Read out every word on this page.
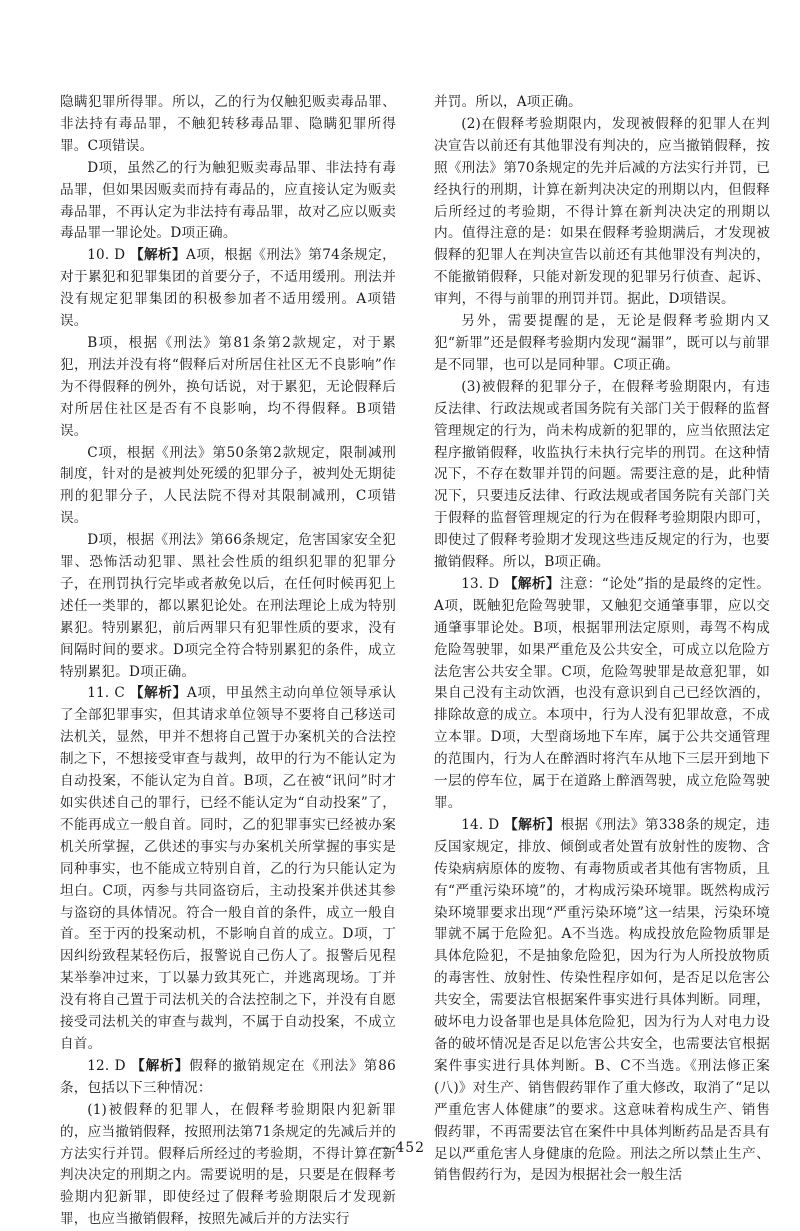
隐瞒犯罪所得罪。所以，乙的行为仅触犯贩卖毒品罪、非法持有毒品罪，不触犯转移毒品罪、隐瞒犯罪所得罪。C项错误。

D项，虽然乙的行为触犯贩卖毒品罪、非法持有毒品罪，但如果因贩卖而持有毒品的，应直接认定为贩卖毒品罪，不再认定为非法持有毒品罪，故对乙应以贩卖毒品罪一罪论处。D项正确。

10. D 【解析】A项，根据《刑法》第74条规定，对于累犯和犯罪集团的首要分子，不适用缓刑。刑法并没有规定犯罪集团的积极参加者不适用缓刑。A项错误。

B项，根据《刑法》第81条第2款规定，对于累犯，刑法并没有将“假释后对所居住社区无不良影响”作为不得假释的例外，换句话说，对于累犯，无论假释后对所居住社区是否有不良影响，均不得假释。B项错误。

C项，根据《刑法》第50条第2款规定，限制减刑制度，针对的是被判处死缓的犯罪分子，被判处无期徒刑的犯罪分子，人民法院不得对其限制减刑，C项错误。

D项，根据《刑法》第66条规定，危害国家安全犯罪、恐怖活动犯罪、黑社会性质的组织犯罪的犯罪分子，在刑罚执行完毕或者赦免以后，在任何时候再犯上述任一类罪的，都以累犯论处。在刑法理论上成为特别累犯。特别累犯，前后两罪只有犯罪性质的要求，没有间隔时间的要求。D项完全符合特别累犯的条件，成立特别累犯。D项正确。

11. C 【解析】A项，甲虽然主动向单位领导承认了全部犯罪事实，但其请求单位领导不要将自己移送司法机关，显然，甲并不想将自己置于办案机关的合法控制之下，不想接受审查与裁判，故甲的行为不能认定为自动投案，不能认定为自首。B项，乙在被“讯问”时才如实供述自己的罪行，已经不能认定为“自动投案”了，不能再成立一般自首。同时，乙的犯罪事实已经被办案机关所掌握，乙供述的事实与办案机关所掌握的事实是同种事实，也不能成立特别自首，乙的行为只能认定为坦白。C项，丙参与共同盗窃后，主动投案并供述其参与盗窃的具体情况。符合一般自首的条件，成立一般自首。至于丙的投案动机，不影响自首的成立。D项，丁因纠纷致程某轻伤后，报警说自己伤人了。报警后见程某举拳冲过来，丁以暴力致其死亡，并逃离现场。丁并没有将自己置于司法机关的合法控制之下，并没有自愿接受司法机关的审查与裁判，不属于自动投案，不成立自首。

12. D 【解析】假释的撤销规定在《刑法》第86条，包括以下三种情况：

(1)被假释的犯罪人，在假释考验期限内犯新罪的，应当撤销假释，按照刑法第71条规定的先减后并的方法实行并罚。假释后所经过的考验期，不得计算在新判决决定的刑期之内。需要说明的是，只要是在假释考验期内犯新罪，即使经过了假释考验期限后才发现新罪，也应当撤销假释，按照先减后并的方法实行

并罚。所以，A项正确。

(2)在假释考验期限内，发现被假释的犯罪人在判决宣告以前还有其他罪没有判决的，应当撤销假释，按照《刑法》第70条规定的先并后减的方法实行并罚，已经执行的刑期，计算在新判决决定的刑期以内，但假释后所经过的考验期，不得计算在新判决决定的刑期以内。值得注意的是：如果在假释考验期满后，才发现被假释的犯罪人在判决宣告以前还有其他罪没有判决的，不能撤销假释，只能对新发现的犯罪另行侦查、起诉、审判，不得与前罪的刑罚并罚。据此，D项错误。

另外，需要提醒的是，无论是假释考验期内又犯“新罪”还是假释考验期内发现“漏罪”，既可以与前罪是不同罪，也可以是同种罪。C项正确。

(3)被假释的犯罪分子，在假释考验期限内，有违反法律、行政法规或者国务院有关部门关于假释的监督管理规定的行为，尚未构成新的犯罪的，应当依照法定程序撤销假释，收监执行未执行完毕的刑罚。在这种情况下，不存在数罪并罚的问题。需要注意的是，此种情况下，只要违反法律、行政法规或者国务院有关部门关于假释的监督管理规定的行为在假释考验期限内即可，即使过了假释考验期才发现这些违反规定的行为，也要撤销假释。所以，B项正确。

13. D 【解析】注意：“论处”指的是最终的定性。A项，既触犯危险驾驶罪，又触犯交通肇事罪，应以交通肇事罪论处。B项，根据罪刑法定原则，毒驾不构成危险驾驶罪，如果严重危及公共安全，可成立以危险方法危害公共安全罪。C项，危险驾驶罪是故意犯罪，如果自己没有主动饮酒，也没有意识到自己已经饮酒的，排除故意的成立。本项中，行为人没有犯罪故意，不成立本罪。D项，大型商场地下车库，属于公共交通管理的范围内，行为人在醉酒时将汽车从地下三层开到地下一层的停车位，属于在道路上醉酒驾驶，成立危险驾驶罪。

14. D 【解析】根据《刑法》第338条的规定，违反国家规定，排放、倾倒或者处置有放射性的废物、含传染病病原体的废物、有毒物质或者其他有害物质，且有“严重污染环境”的，才构成污染环境罪。既然构成污染环境罪要求出现“严重污染环境”这一结果，污染环境罪就不属于危险犯。A不当选。构成投放危险物质罪是具体危险犯，不是抽象危险犯，因为行为人所投放物质的毒害性、放射性、传染性程序如何，是否足以危害公共安全，需要法官根据案件事实进行具体判断。同理，破坏电力设备罪也是具体危险犯，因为行为人对电力设备的破坏情况是否足以危害公共安全，也需要法官根据案件事实进行具体判断。B、C不当选。《刑法修正案(八)》对生产、销售假药罪作了重大修改，取消了“足以严重危害人体健康”的要求。这意味着构成生产、销售假药罪，不再需要法官在案件中具体判断药品是否具有足以严重危害人身健康的危险。刑法之所以禁止生产、销售假药行为，是因为根据社会一般生活

— 452
